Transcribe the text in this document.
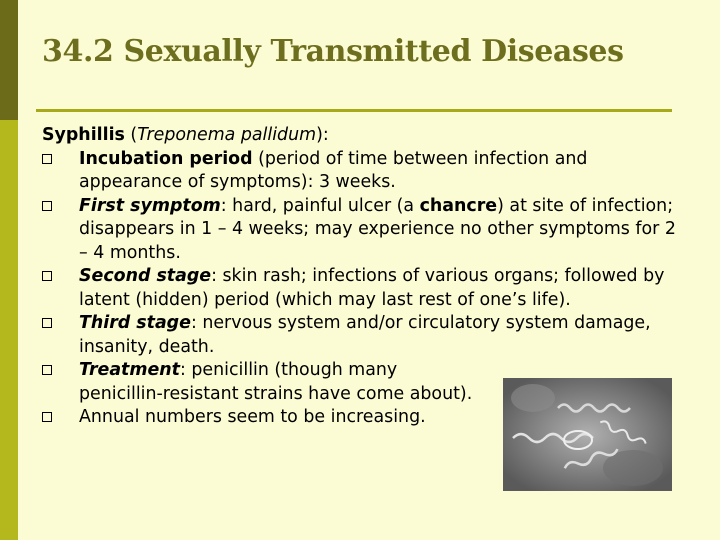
34.2 Sexually Transmitted Diseases
Syphillis (Treponema pallidum):
Incubation period (period of time between infection and appearance of symptoms): 3 weeks.
First symptom: hard, painful ulcer (a chancre) at site of infection; disappears in 1 – 4 weeks; may experience no other symptoms for 2 – 4 months.
Second stage: skin rash; infections of various organs; followed by latent (hidden) period (which may last rest of one’s life).
Third stage: nervous system and/or circulatory system damage, insanity, death.
Treatment: penicillin (though many penicillin-resistant strains have come about).
Annual numbers seem to be increasing.
